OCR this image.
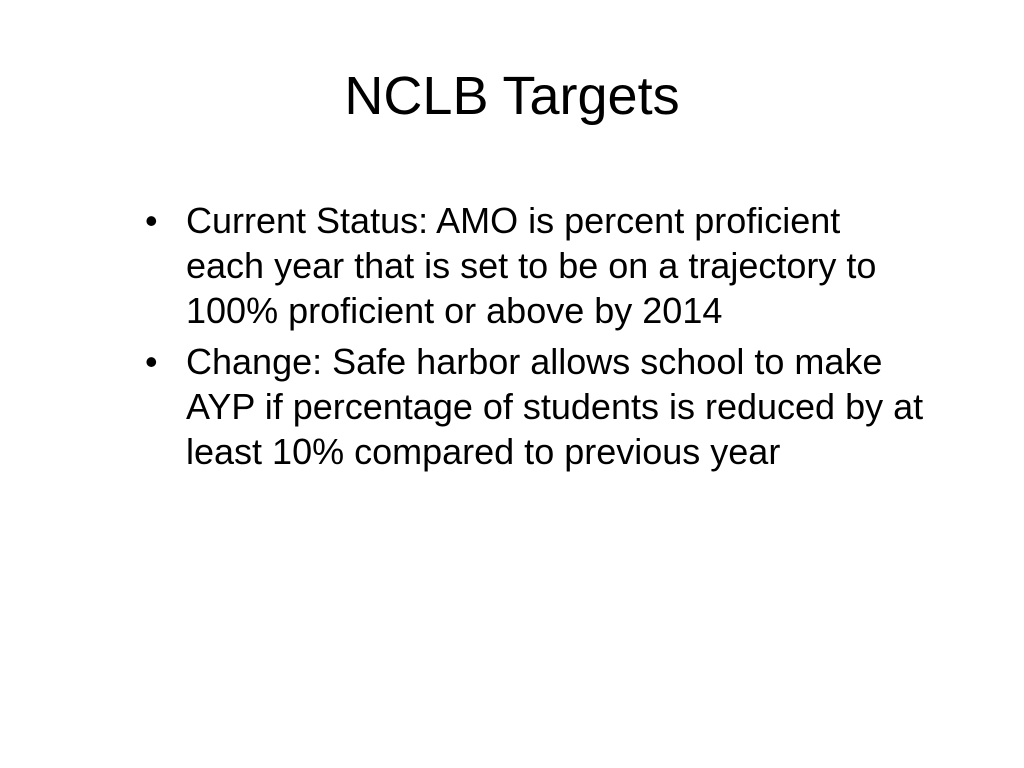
NCLB Targets
• Current Status: AMO is percent proficient each year that is set to be on a trajectory to 100% proficient or above by 2014
• Change: Safe harbor allows school to make AYP if percentage of students is reduced by at least 10% compared to previous year
